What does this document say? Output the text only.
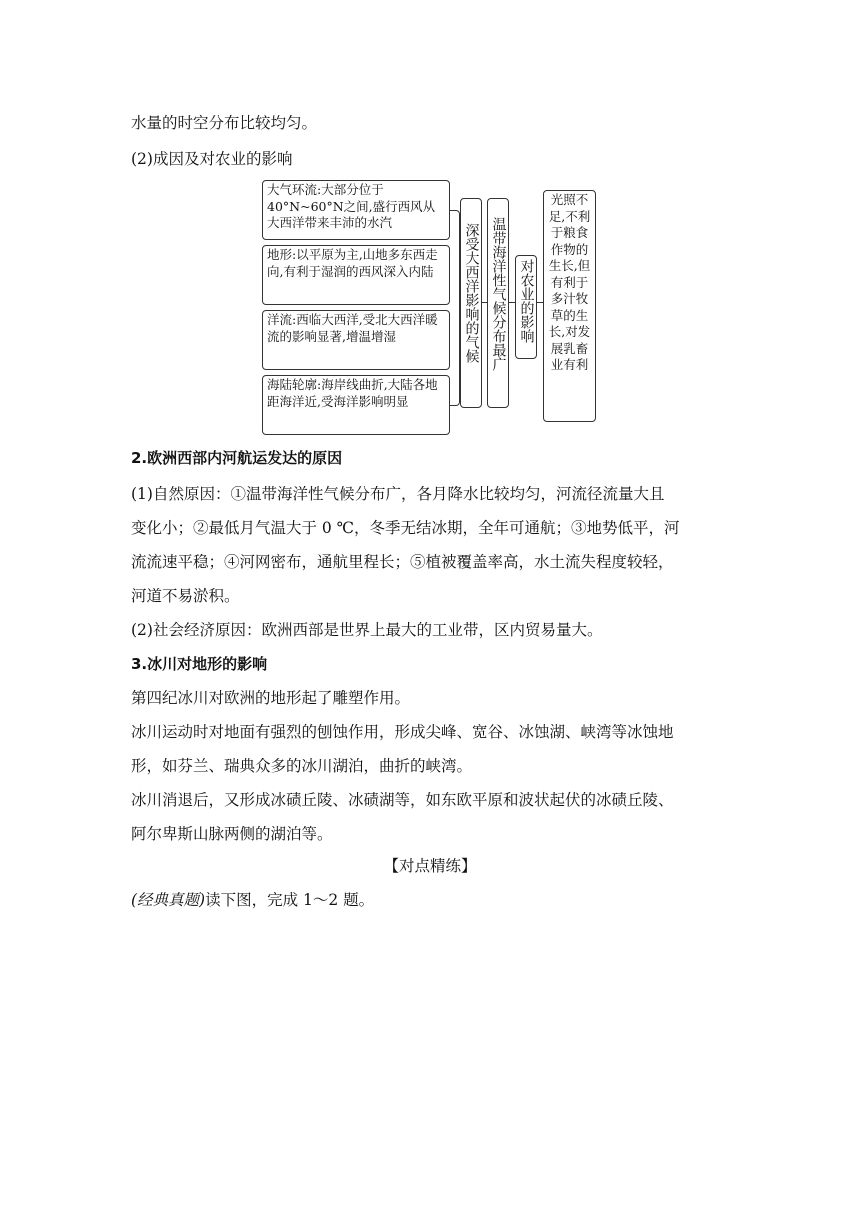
水量的时空分布比较均匀。
(2)成因及对农业的影响
大气环流:大部分位于40°N~60°N之间,盛行西风从大西洋带来丰沛的水汽
地形:以平原为主,山地多东西走向,有利于湿润的西风深入内陆
洋流:西临大西洋,受北大西洋暖流的影响显著,增温增湿
海陆轮廓:海岸线曲折,大陆各地距海洋近,受海洋影响明显
深受大西洋影响的气候 温带海洋性气候分布最广 对农业的影响
光照不足,不利于粮食作物的生长,但有利于多汁牧草的生长,对发展乳畜业有利
2.欧洲西部内河航运发达的原因
(1)自然原因：①温带海洋性气候分布广，各月降水比较均匀，河流径流量大且
变化小；②最低月气温大于 0 ℃，冬季无结冰期，全年可通航；③地势低平，河
流流速平稳；④河网密布，通航里程长；⑤植被覆盖率高，水土流失程度较轻，
河道不易淤积。
(2)社会经济原因：欧洲西部是世界上最大的工业带，区内贸易量大。
3.冰川对地形的影响
第四纪冰川对欧洲的地形起了雕塑作用。
冰川运动时对地面有强烈的刨蚀作用，形成尖峰、宽谷、冰蚀湖、峡湾等冰蚀地
形，如芬兰、瑞典众多的冰川湖泊，曲折的峡湾。
冰川消退后，又形成冰碛丘陵、冰碛湖等，如东欧平原和波状起伏的冰碛丘陵、
阿尔卑斯山脉两侧的湖泊等。
【对点精练】
(经典真题)读下图，完成 1～2 题。
